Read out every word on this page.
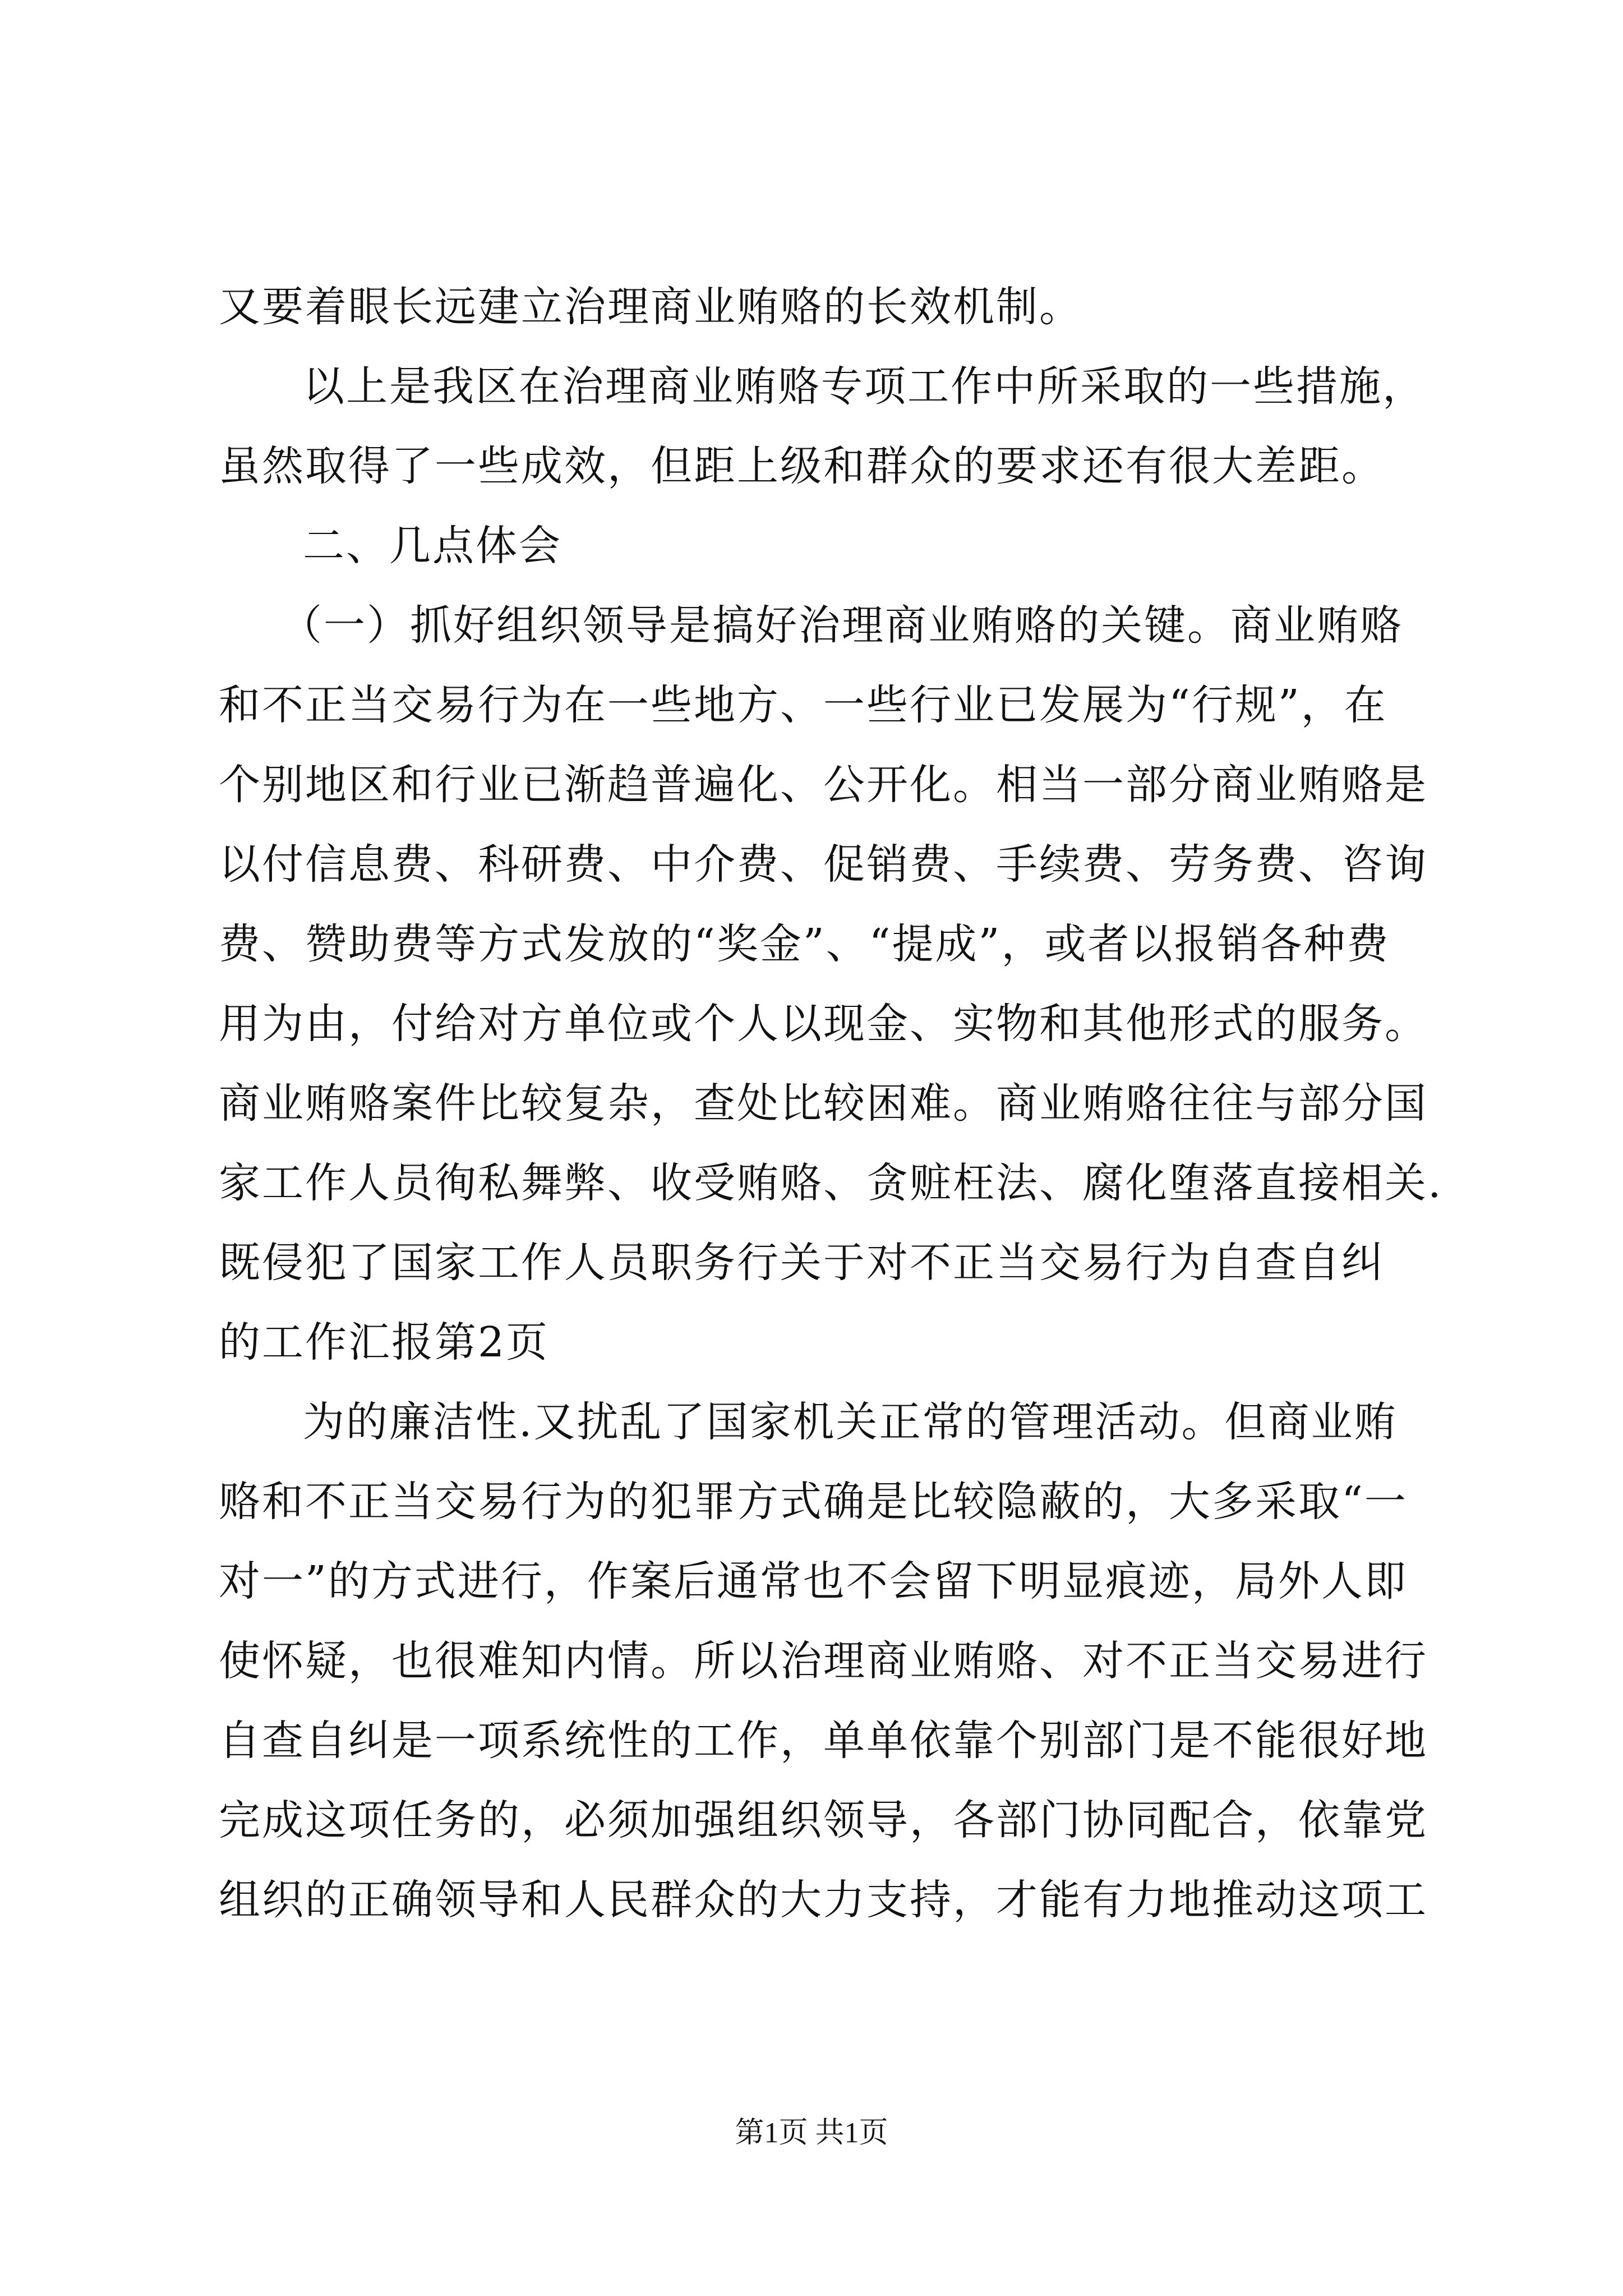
又要着眼长远建立治理商业贿赂的长效机制。
以上是我区在治理商业贿赂专项工作中所采取的一些措施，
虽然取得了一些成效，但距上级和群众的要求还有很大差距。
二、几点体会
（一）抓好组织领导是搞好治理商业贿赂的关键。商业贿赂
和不正当交易行为在一些地方、一些行业已发展为“行规”，在
个别地区和行业已渐趋普遍化、公开化。相当一部分商业贿赂是
以付信息费、科研费、中介费、促销费、手续费、劳务费、咨询
费、赞助费等方式发放的“奖金”、“提成”，或者以报销各种费
用为由，付给对方单位或个人以现金、实物和其他形式的服务。
商业贿赂案件比较复杂，查处比较困难。商业贿赂往往与部分国
家工作人员徇私舞弊、收受贿赂、贪赃枉法、腐化堕落直接相关.
既侵犯了国家工作人员职务行关于对不正当交易行为自查自纠
的工作汇报第2页
为的廉洁性.又扰乱了国家机关正常的管理活动。但商业贿
赂和不正当交易行为的犯罪方式确是比较隐蔽的，大多采取“一
对一”的方式进行，作案后通常也不会留下明显痕迹，局外人即
使怀疑，也很难知内情。所以治理商业贿赂、对不正当交易进行
自查自纠是一项系统性的工作，单单依靠个别部门是不能很好地
完成这项任务的，必须加强组织领导，各部门协同配合，依靠党
组织的正确领导和人民群众的大力支持，才能有力地推动这项工
第1页 共1页
